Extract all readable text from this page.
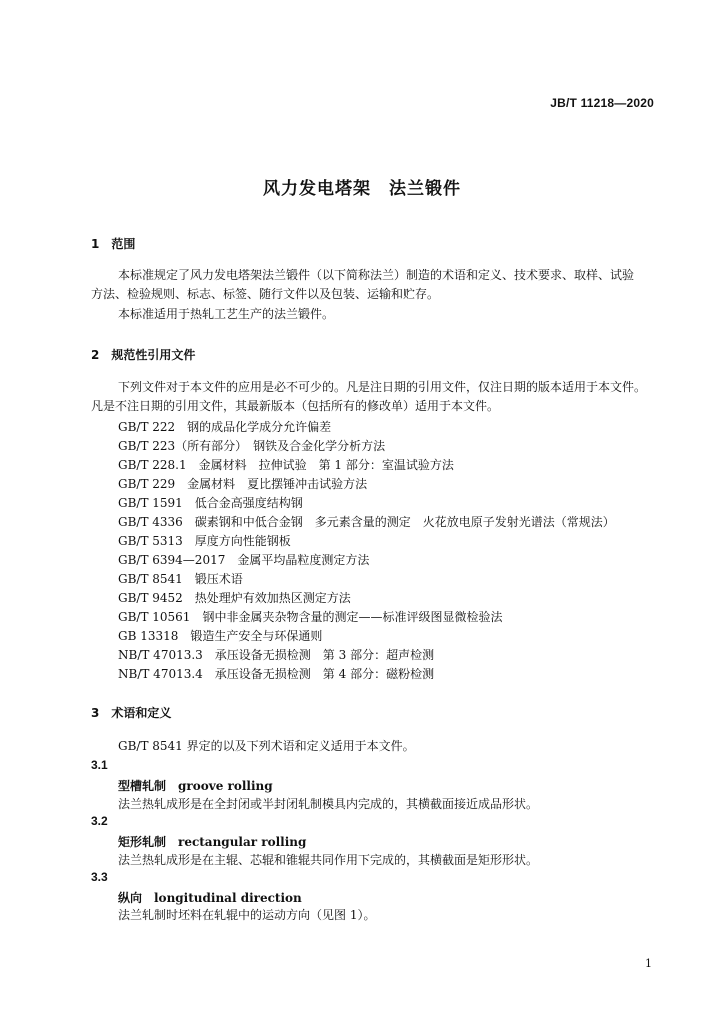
JB/T 11218—2020
风力发电塔架　法兰锻件
1　范围
本标准规定了风力发电塔架法兰锻件（以下简称法兰）制造的术语和定义、技术要求、取样、试验
方法、检验规则、标志、标签、随行文件以及包装、运输和贮存。
本标准适用于热轧工艺生产的法兰锻件。
2　规范性引用文件
下列文件对于本文件的应用是必不可少的。凡是注日期的引用文件，仅注日期的版本适用于本文件。
凡是不注日期的引用文件，其最新版本（包括所有的修改单）适用于本文件。
GB/T 222　钢的成品化学成分允许偏差
GB/T 223（所有部分）　钢铁及合金化学分析方法
GB/T 228.1　金属材料　拉伸试验　第 1 部分：室温试验方法
GB/T 229　金属材料　夏比摆锤冲击试验方法
GB/T 1591　低合金高强度结构钢
GB/T 4336　碳素钢和中低合金钢　多元素含量的测定　火花放电原子发射光谱法（常规法）
GB/T 5313　厚度方向性能钢板
GB/T 6394—2017　金属平均晶粒度测定方法
GB/T 8541　锻压术语
GB/T 9452　热处理炉有效加热区测定方法
GB/T 10561　钢中非金属夹杂物含量的测定——标准评级图显微检验法
GB 13318　锻造生产安全与环保通则
NB/T 47013.3　承压设备无损检测　第 3 部分：超声检测
NB/T 47013.4　承压设备无损检测　第 4 部分：磁粉检测
3　术语和定义
GB/T 8541 界定的以及下列术语和定义适用于本文件。
3.1
型槽轧制　groove rolling
法兰热轧成形是在全封闭或半封闭轧制模具内完成的，其横截面接近成品形状。
3.2
矩形轧制　rectangular rolling
法兰热轧成形是在主辊、芯辊和锥辊共同作用下完成的，其横截面是矩形形状。
3.3
纵向　longitudinal direction
法兰轧制时坯料在轧辊中的运动方向（见图 1）。
1
